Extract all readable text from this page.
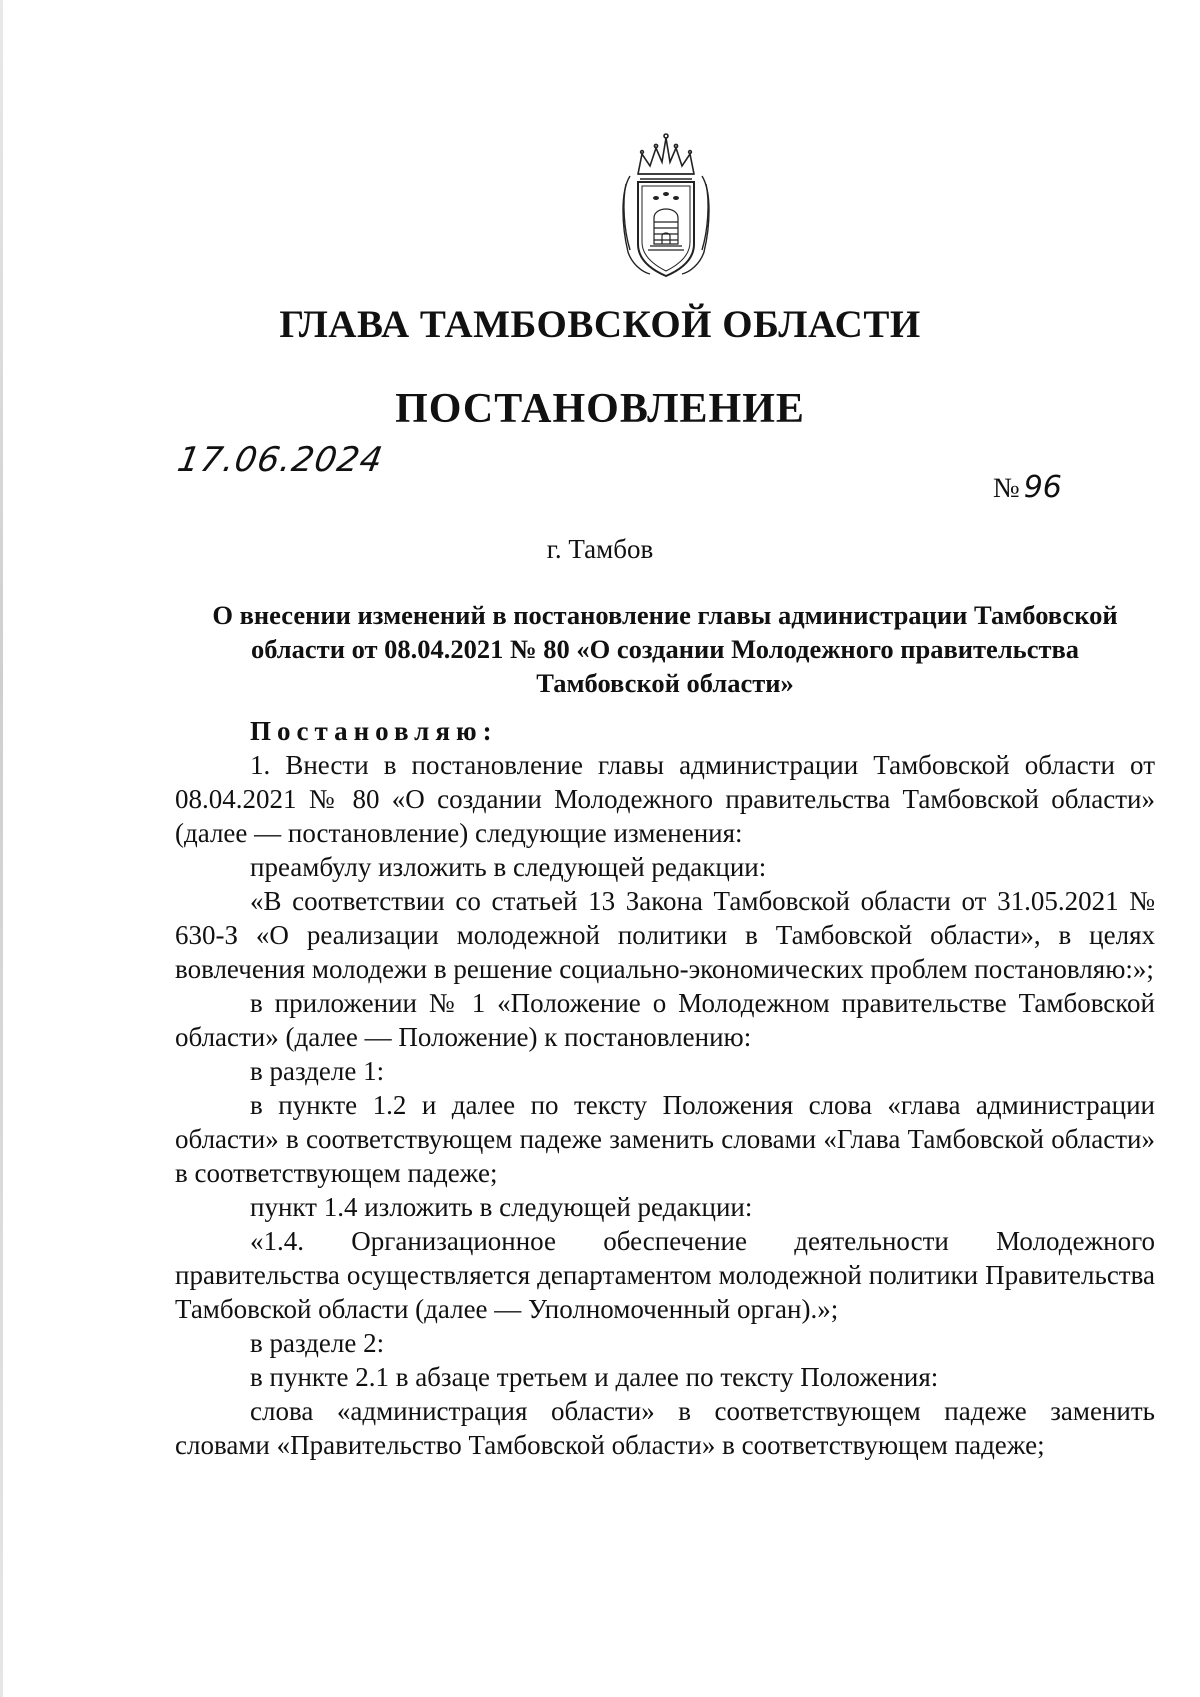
ГЛАВА ТАМБОВСКОЙ ОБЛАСТИ
ПОСТАНОВЛЕНИЕ
17.06.2024
№ 96
г. Тамбов
О внесении изменений в постановление главы администрации Тамбовской
области от 08.04.2021 № 80 «О создании Молодежного правительства
Тамбовской области»

Постановляю:

1. Внести в постановление главы администрации Тамбовской области от 08.04.2021 № 80 «О создании Молодежного правительства Тамбовской области» (далее — постановление) следующие изменения:

преамбулу изложить в следующей редакции:

«В соответствии со статьей 13 Закона Тамбовской области от 31.05.2021 № 630-З «О реализации молодежной политики в Тамбовской области», в целях вовлечения молодежи в решение социально-экономических проблем постановляю:»;

в приложении № 1 «Положение о Молодежном правительстве Тамбовской области» (далее — Положение) к постановлению:

в разделе 1:

в пункте 1.2 и далее по тексту Положения слова «глава администрации области» в соответствующем падеже заменить словами «Глава Тамбовской области» в соответствующем падеже;

пункт 1.4 изложить в следующей редакции:

«1.4. Организационное обеспечение деятельности Молодежного правительства осуществляется департаментом молодежной политики Правительства Тамбовской области (далее — Уполномоченный орган).»;

в разделе 2:

в пункте 2.1 в абзаце третьем и далее по тексту Положения:

слова «администрация области» в соответствующем падеже заменить словами «Правительство Тамбовской области» в соответствующем падеже;
